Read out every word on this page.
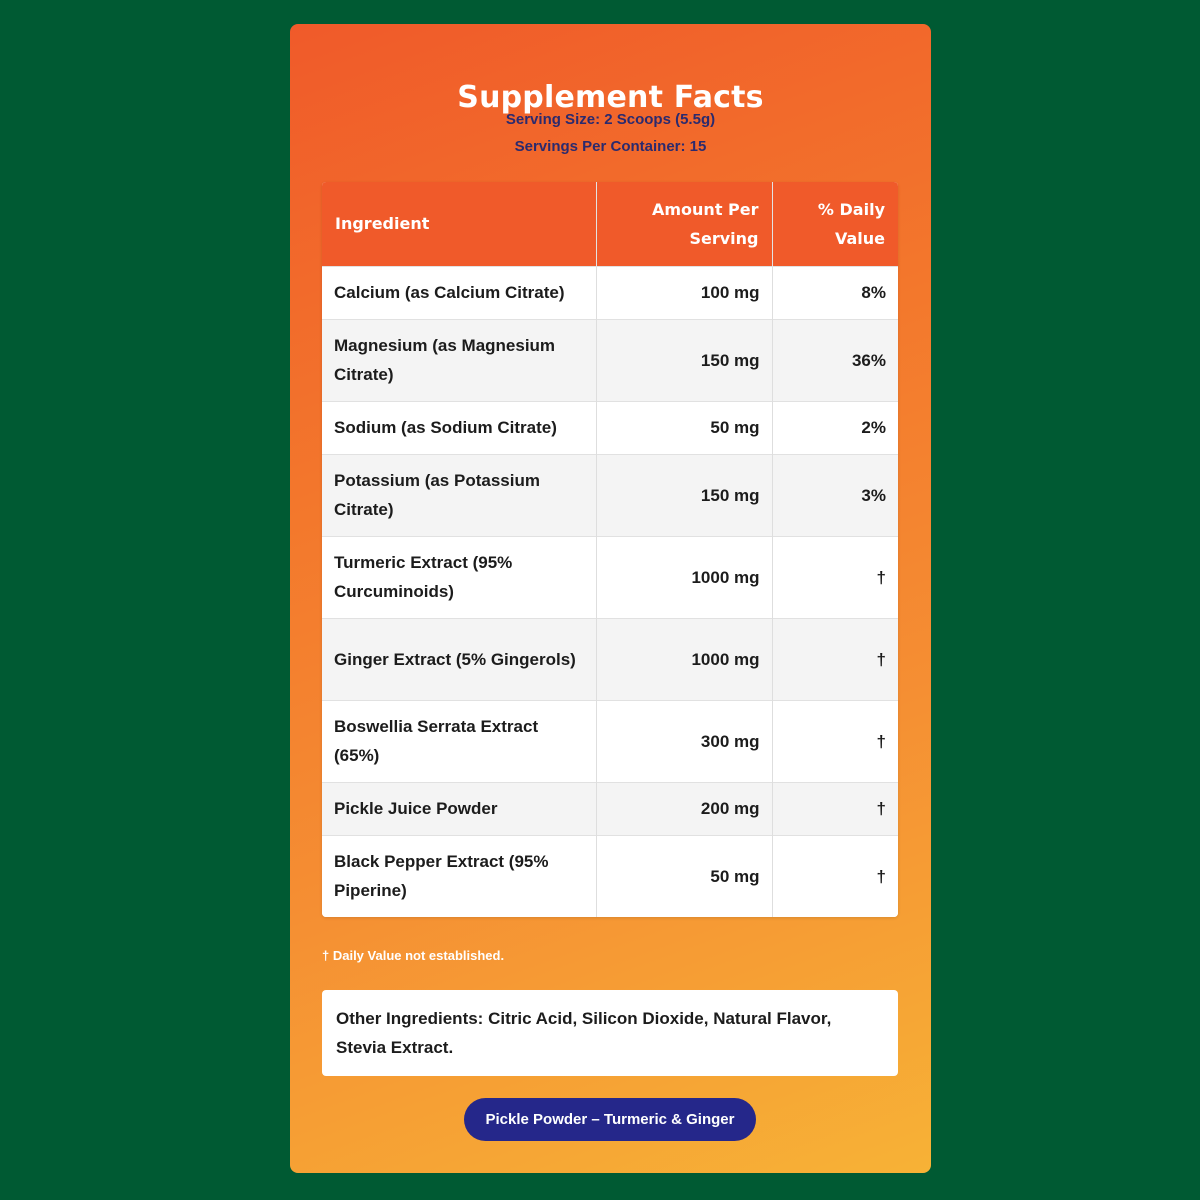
Supplement Facts
Serving Size: 2 Scoops (5.5g)
Servings Per Container: 15
Ingredient	Amount Per Serving	% Daily Value
Calcium (as Calcium Citrate)	100 mg	8%
Magnesium (as Magnesium Citrate)	150 mg	36%
Sodium (as Sodium Citrate)	50 mg	2%
Potassium (as Potassium Citrate)	150 mg	3%
Turmeric Extract (95% Curcuminoids)	1000 mg	†
Ginger Extract (5% Gingerols)	1000 mg	†
Boswellia Serrata Extract (65%)	300 mg	†
Pickle Juice Powder	200 mg	†
Black Pepper Extract (95% Piperine)	50 mg	†
† Daily Value not established.
Other Ingredients: Citric Acid, Silicon Dioxide, Natural Flavor, Stevia Extract.
Pickle Powder – Turmeric & Ginger
